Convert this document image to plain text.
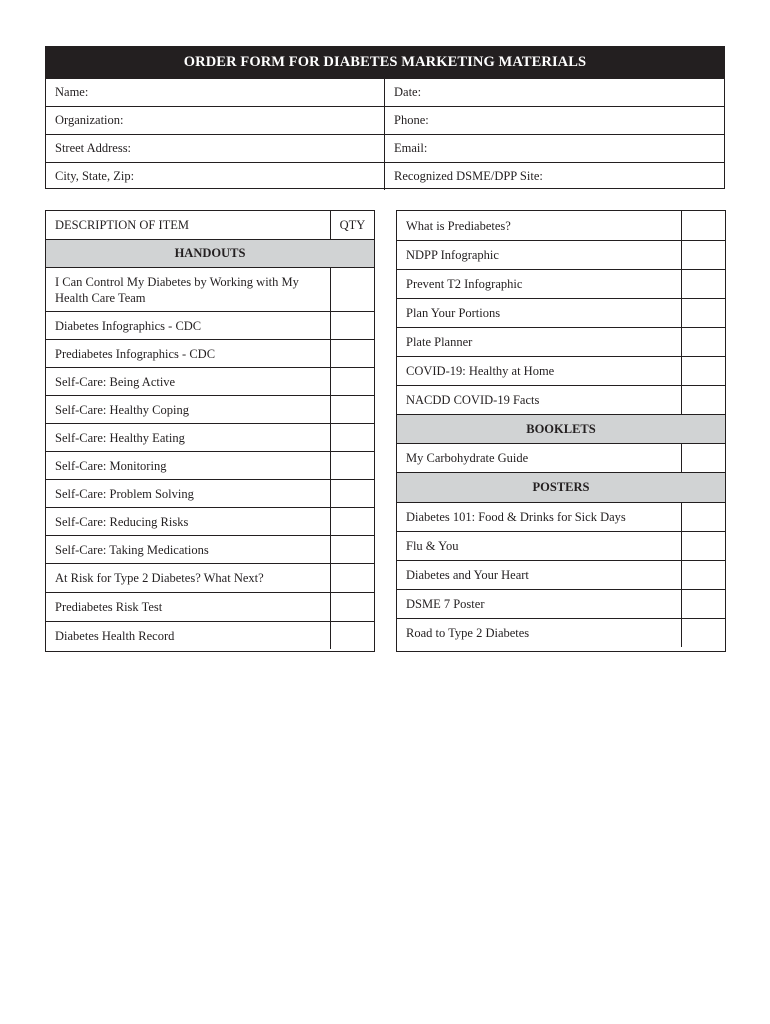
ORDER FORM FOR DIABETES MARKETING MATERIALS
Name:	Date:
Organization:	Phone:
Street Address:	Email:
City, State, Zip:	Recognized DSME/DPP Site:
DESCRIPTION OF ITEM	QTY
HANDOUTS
I Can Control My Diabetes by Working with My Health Care Team
Diabetes Infographics - CDC
Prediabetes Infographics - CDC
Self-Care: Being Active
Self-Care: Healthy Coping
Self-Care: Healthy Eating
Self-Care: Monitoring
Self-Care: Problem Solving
Self-Care: Reducing Risks
Self-Care: Taking Medications
At Risk for Type 2 Diabetes? What Next?
Prediabetes Risk Test
Diabetes Health Record
What is Prediabetes?
NDPP Infographic
Prevent T2 Infographic
Plan Your Portions
Plate Planner
COVID-19: Healthy at Home
NACDD COVID-19 Facts
BOOKLETS
My Carbohydrate Guide
POSTERS
Diabetes 101: Food & Drinks for Sick Days
Flu & You
Diabetes and Your Heart
DSME 7 Poster
Road to Type 2 Diabetes
